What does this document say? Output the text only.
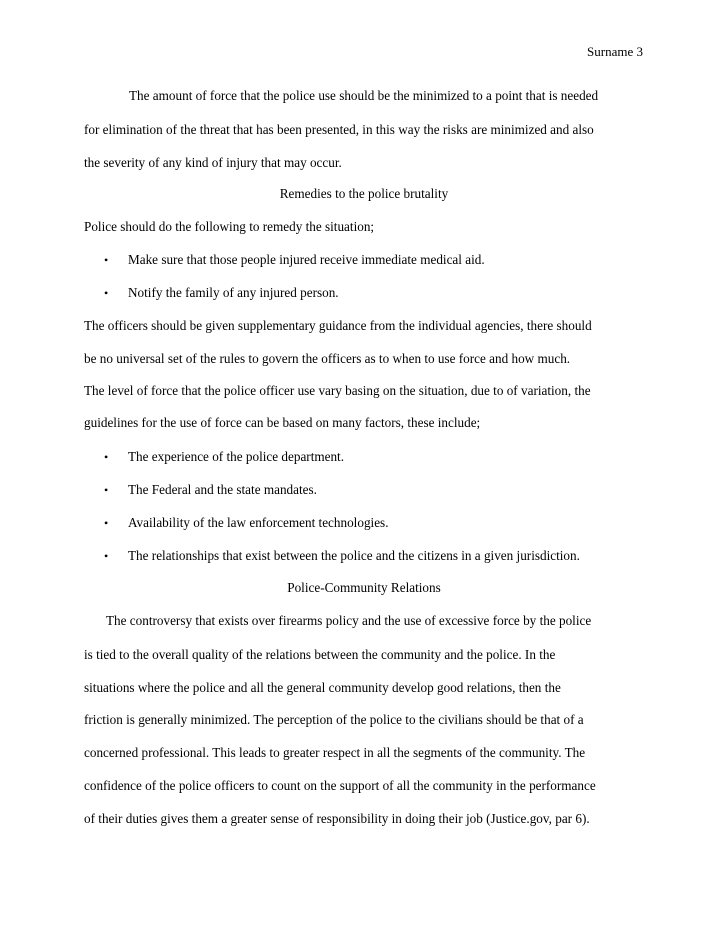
Surname 3
The amount of force that the police use should be the minimized to a point that is needed
for elimination of the threat that has been presented, in this way the risks are minimized and also
the severity of any kind of injury that may occur.
Remedies to the police brutality
Police should do the following to remedy the situation;
• Make sure that those people injured receive immediate medical aid.
• Notify the family of any injured person.
The officers should be given supplementary guidance from the individual agencies, there should
be no universal set of the rules to govern the officers as to when to use force and how much.
The level of force that the police officer use vary basing on the situation, due to of variation, the
guidelines for the use of force can be based on many factors, these include;
• The experience of the police department.
• The Federal and the state mandates.
• Availability of the law enforcement technologies.
• The relationships that exist between the police and the citizens in a given jurisdiction.
Police-Community Relations
The controversy that exists over firearms policy and the use of excessive force by the police
is tied to the overall quality of the relations between the community and the police. In the
situations where the police and all the general community develop good relations, then the
friction is generally minimized. The perception of the police to the civilians should be that of a
concerned professional. This leads to greater respect in all the segments of the community. The
confidence of the police officers to count on the support of all the community in the performance
of their duties gives them a greater sense of responsibility in doing their job (Justice.gov, par 6).
